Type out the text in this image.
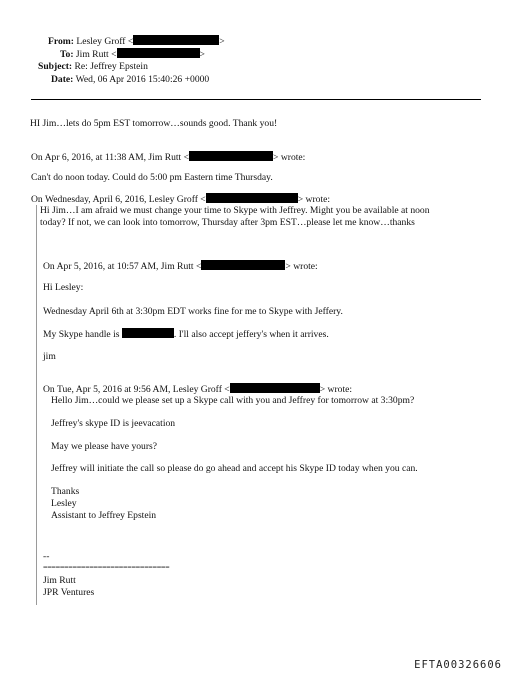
From: Lesley Groff <	>
To: Jim Rutt <	>
Subject: Re: Jeffrey Epstein
Date: Wed, 06 Apr 2016 15:40:26 +0000
HI Jim…lets do 5pm EST tomorrow…sounds good. Thank you!
On Apr 6, 2016, at 11:38 AM, Jim Rutt <	> wrote:
Can't do noon today. Could do 5:00 pm Eastern time Thursday.
On Wednesday, April 6, 2016, Lesley Groff <	> wrote:
Hi Jim…I am afraid we must change your time to Skype with Jeffrey. Might you be available at noon
today? If not, we can look into tomorrow, Thursday after 3pm EST…please let me know…thanks
On Apr 5, 2016, at 10:57 AM, Jim Rutt <	> wrote:
Hi Lesley:
Wednesday April 6th at 3:30pm EDT works fine for me to Skype with Jeffery.
My Skype handle is	. I'll also accept jeffery's when it arrives.
jim
On Tue, Apr 5, 2016 at 9:56 AM, Lesley Groff <	> wrote:
Hello Jim…could we please set up a Skype call with you and Jeffrey for tomorrow at 3:30pm?
Jeffrey's skype ID is jeevacation
May we please have yours?
Jeffrey will initiate the call so please do go ahead and accept his Skype ID today when you can.
Thanks
Lesley
Assistant to Jeffrey Epstein
--
==============================
Jim Rutt
JPR Ventures
EFTA00326606
